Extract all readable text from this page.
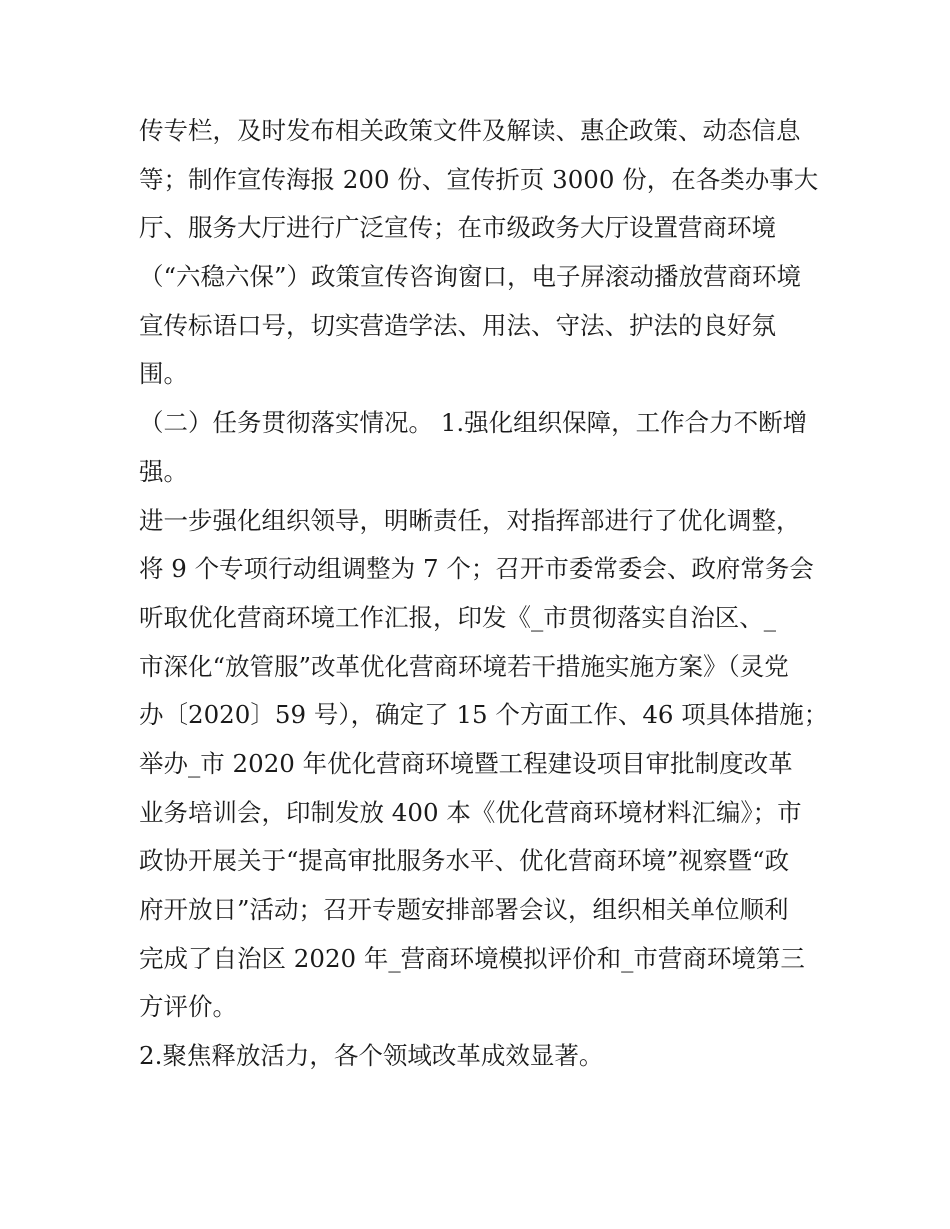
传专栏，及时发布相关政策文件及解读、惠企政策、动态信息
等；制作宣传海报 200 份、宣传折页 3000 份，在各类办事大
厅、服务大厅进行广泛宣传；在市级政务大厅设置营商环境
（“六稳六保”）政策宣传咨询窗口，电子屏滚动播放营商环境
宣传标语口号，切实营造学法、用法、守法、护法的良好氛
围。
（二）任务贯彻落实情况。 1.强化组织保障，工作合力不断增
强。
进一步强化组织领导，明晰责任，对指挥部进行了优化调整，
将 9 个专项行动组调整为 7 个；召开市委常委会、政府常务会
听取优化营商环境工作汇报，印发《_市贯彻落实自治区、_
市深化“放管服”改革优化营商环境若干措施实施方案》（灵党
办〔2020〕59 号），确定了 15 个方面工作、46 项具体措施；
举办_市 2020 年优化营商环境暨工程建设项目审批制度改革
业务培训会，印制发放 400 本《优化营商环境材料汇编》；市
政协开展关于“提高审批服务水平、优化营商环境”视察暨“政
府开放日”活动；召开专题安排部署会议，组织相关单位顺利
完成了自治区 2020 年_营商环境模拟评价和_市营商环境第三
方评价。
2.聚焦释放活力，各个领域改革成效显著。
